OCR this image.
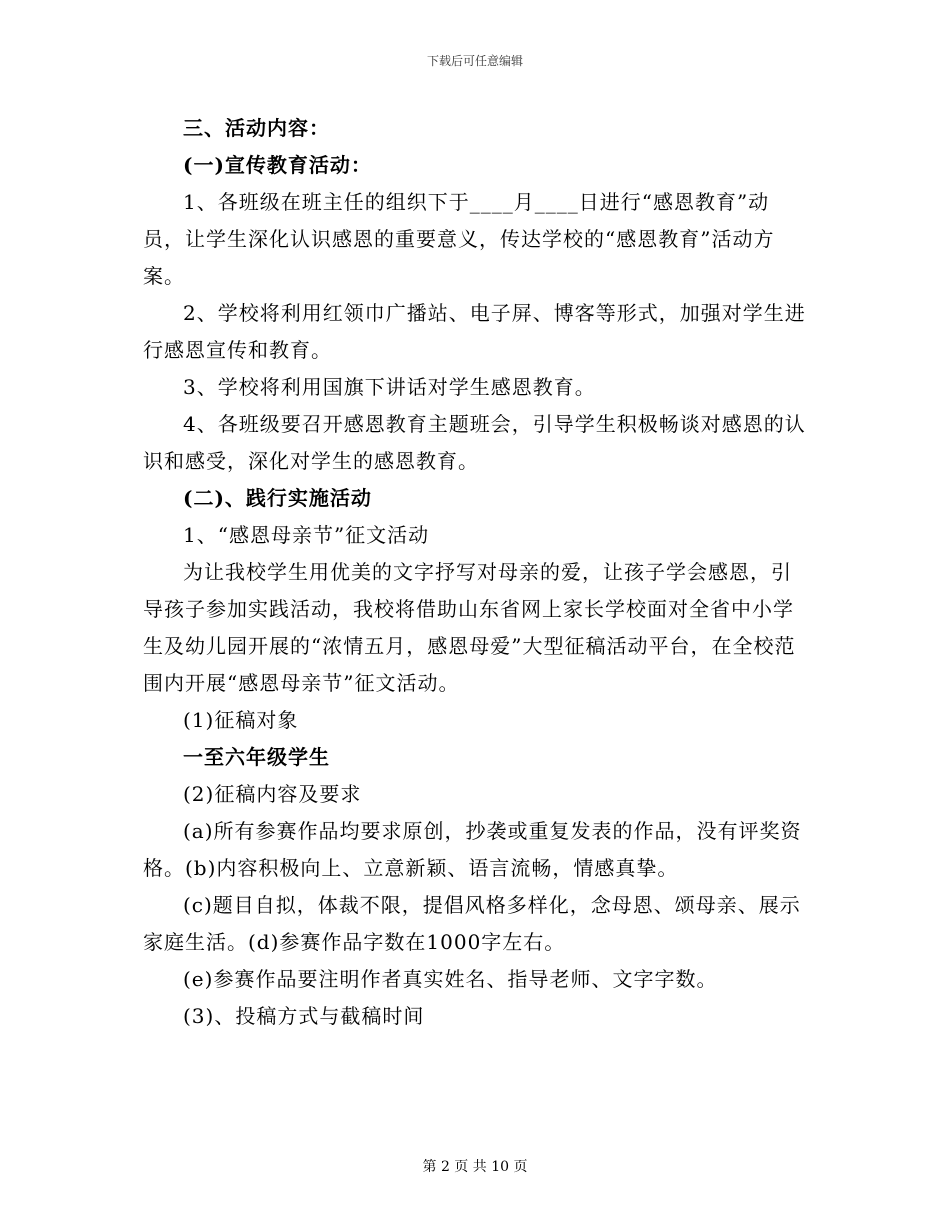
下载后可任意编辑

三、活动内容：

(一)宣传教育活动：

1、各班级在班主任的组织下于____月____日进行“感恩教育”动员，让学生深化认识感恩的重要意义，传达学校的“感恩教育”活动方案。

2、学校将利用红领巾广播站、电子屏、博客等形式，加强对学生进行感恩宣传和教育。

3、学校将利用国旗下讲话对学生感恩教育。

4、各班级要召开感恩教育主题班会，引导学生积极畅谈对感恩的认识和感受，深化对学生的感恩教育。

(二)、践行实施活动

1、“感恩母亲节”征文活动

为让我校学生用优美的文字抒写对母亲的爱，让孩子学会感恩，引导孩子参加实践活动，我校将借助山东省网上家长学校面对全省中小学生及幼儿园开展的“浓情五月，感恩母爱”大型征稿活动平台，在全校范围内开展“感恩母亲节”征文活动。

(1)征稿对象

一至六年级学生

(2)征稿内容及要求

(a)所有参赛作品均要求原创，抄袭或重复发表的作品，没有评奖资格。(b)内容积极向上、立意新颖、语言流畅，情感真挚。

(c)题目自拟，体裁不限，提倡风格多样化，念母恩、颂母亲、展示家庭生活。(d)参赛作品字数在1000字左右。

(e)参赛作品要注明作者真实姓名、指导老师、文字字数。

(3)、投稿方式与截稿时间

第 2 页 共 10 页
